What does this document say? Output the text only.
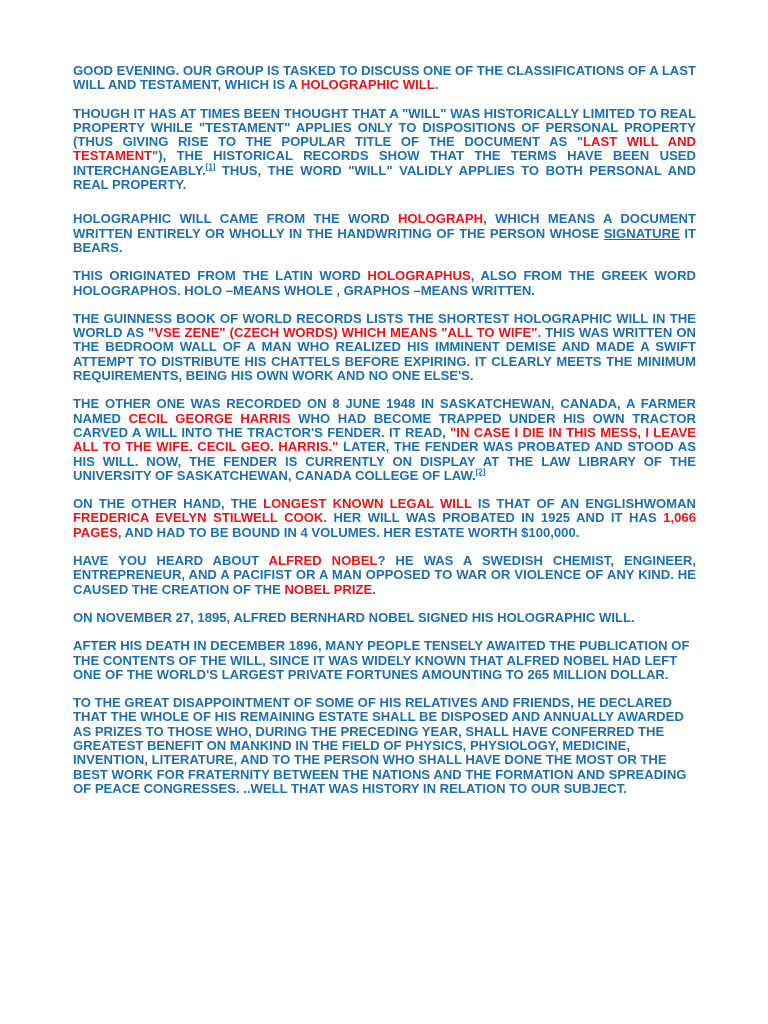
GOOD EVENING. OUR GROUP IS TASKED TO DISCUSS ONE OF THE CLASSIFICATIONS OF A LAST WILL AND TESTAMENT, WHICH IS A HOLOGRAPHIC WILL.

THOUGH IT HAS AT TIMES BEEN THOUGHT THAT A "WILL" WAS HISTORICALLY LIMITED TO REAL PROPERTY WHILE "TESTAMENT" APPLIES ONLY TO DISPOSITIONS OF PERSONAL PROPERTY (THUS GIVING RISE TO THE POPULAR TITLE OF THE DOCUMENT AS "LAST WILL AND TESTAMENT"), THE HISTORICAL RECORDS SHOW THAT THE TERMS HAVE BEEN USED INTERCHANGEABLY.[1] THUS, THE WORD "WILL" VALIDLY APPLIES TO BOTH PERSONAL AND REAL PROPERTY.

HOLOGRAPHIC WILL CAME FROM THE WORD HOLOGRAPH, WHICH MEANS A DOCUMENT WRITTEN ENTIRELY OR WHOLLY IN THE HANDWRITING OF THE PERSON WHOSE SIGNATURE IT BEARS.

THIS ORIGINATED FROM THE LATIN WORD HOLOGRAPHUS, ALSO FROM THE GREEK WORD HOLOGRAPHOS. HOLO –MEANS WHOLE , GRAPHOS –MEANS WRITTEN.

THE GUINNESS BOOK OF WORLD RECORDS LISTS THE SHORTEST HOLOGRAPHIC WILL IN THE WORLD AS "VSE ZENE" (CZECH WORDS) WHICH MEANS "ALL TO WIFE". THIS WAS WRITTEN ON THE BEDROOM WALL OF A MAN WHO REALIZED HIS IMMINENT DEMISE AND MADE A SWIFT ATTEMPT TO DISTRIBUTE HIS CHATTELS BEFORE EXPIRING. IT CLEARLY MEETS THE MINIMUM REQUIREMENTS, BEING HIS OWN WORK AND NO ONE ELSE'S.

THE OTHER ONE WAS RECORDED ON 8 JUNE 1948 IN SASKATCHEWAN, CANADA, A FARMER NAMED CECIL GEORGE HARRIS WHO HAD BECOME TRAPPED UNDER HIS OWN TRACTOR CARVED A WILL INTO THE TRACTOR'S FENDER. IT READ, "IN CASE I DIE IN THIS MESS, I LEAVE ALL TO THE WIFE. CECIL GEO. HARRIS." LATER, THE FENDER WAS PROBATED AND STOOD AS HIS WILL. NOW, THE FENDER IS CURRENTLY ON DISPLAY AT THE LAW LIBRARY OF THE UNIVERSITY OF SASKATCHEWAN, CANADA COLLEGE OF LAW.[2]

ON THE OTHER HAND, THE LONGEST KNOWN LEGAL WILL IS THAT OF AN ENGLISHWOMAN FREDERICA EVELYN STILWELL COOK. HER WILL WAS PROBATED IN 1925 AND IT HAS 1,066 PAGES, AND HAD TO BE BOUND IN 4 VOLUMES. HER ESTATE WORTH $100,000.

HAVE YOU HEARD ABOUT ALFRED NOBEL? HE WAS A SWEDISH CHEMIST, ENGINEER, ENTREPRENEUR, AND A PACIFIST OR A MAN OPPOSED TO WAR OR VIOLENCE OF ANY KIND. HE CAUSED THE CREATION OF THE NOBEL PRIZE.

ON NOVEMBER 27, 1895, ALFRED BERNHARD NOBEL SIGNED HIS HOLOGRAPHIC WILL.

AFTER HIS DEATH IN DECEMBER 1896, MANY PEOPLE TENSELY AWAITED THE PUBLICATION OF THE CONTENTS OF THE WILL, SINCE IT WAS WIDELY KNOWN THAT ALFRED NOBEL HAD LEFT ONE OF THE WORLD'S LARGEST PRIVATE FORTUNES AMOUNTING TO 265 MILLION DOLLAR.

TO THE GREAT DISAPPOINTMENT OF SOME OF HIS RELATIVES AND FRIENDS, HE DECLARED THAT THE WHOLE OF HIS REMAINING ESTATE SHALL BE DISPOSED AND ANNUALLY AWARDED AS PRIZES TO THOSE WHO, DURING THE PRECEDING YEAR, SHALL HAVE CONFERRED THE GREATEST BENEFIT ON MANKIND IN THE FIELD OF PHYSICS, PHYSIOLOGY, MEDICINE, INVENTION, LITERATURE, AND TO THE PERSON WHO SHALL HAVE DONE THE MOST OR THE BEST WORK FOR FRATERNITY BETWEEN THE NATIONS AND THE FORMATION AND SPREADING OF PEACE CONGRESSES. ..WELL THAT WAS HISTORY IN RELATION TO OUR SUBJECT.
